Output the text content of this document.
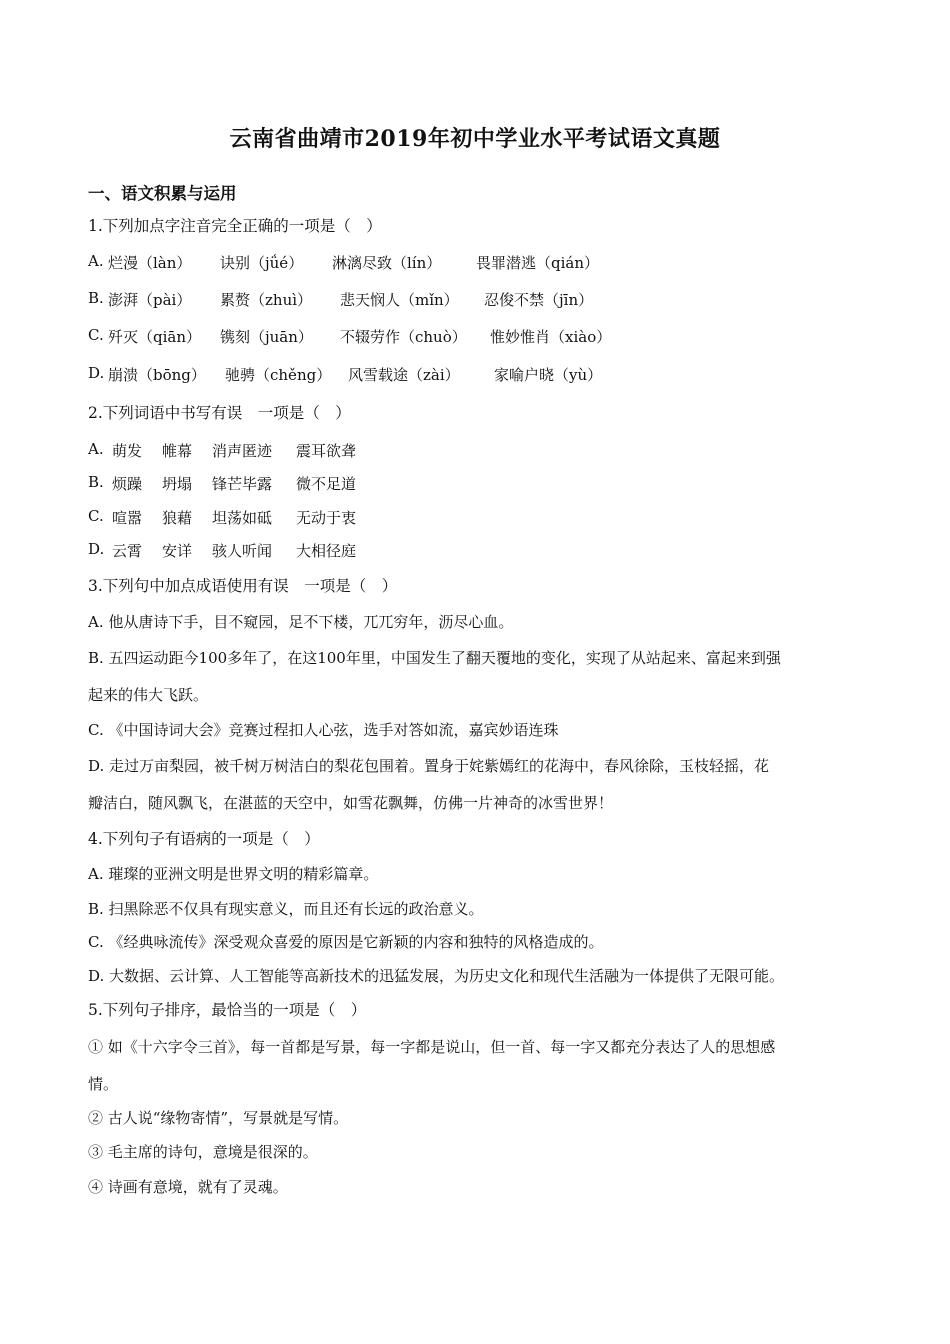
云南省曲靖市2019年初中学业水平考试语文真题
一、语文积累与运用
1.下列加点字注音完全正确的一项是（　）
A. 烂漫（làn） 诀别（jǘé） 淋漓尽致（lín） 畏罪潜逃（qián）
B. 澎湃（pài） 累赘（zhuì） 悲天悯人（mǐn） 忍俊不禁（jīn）
C. 歼灭（qiān） 镌刻（juān） 不辍劳作（chuò） 惟妙惟肖（xiào）
D. 崩溃（bōng） 驰骋（chěng） 风雪载途（zài） 家喻户晓（yù）
2.下列词语中书写有误　一项是（　）
A. 萌发 帷幕 消声匿迹 震耳欲聋
B. 烦躁 坍塌 锋芒毕露 微不足道
C. 喧嚣 狼藉 坦荡如砥 无动于衷
D. 云霄 安详 骇人听闻 大相径庭
3.下列句中加点成语使用有误　一项是（　）
A. 他从唐诗下手，目不窥园，足不下楼，兀兀穷年，沥尽心血。
B. 五四运动距今100多年了，在这100年里，中国发生了翻天覆地的变化，实现了从站起来、富起来到强
起来的伟大飞跃。
C. 《中国诗词大会》竞赛过程扣人心弦，选手对答如流，嘉宾妙语连珠
D. 走过万亩梨园，被千树万树洁白的梨花包围着。置身于姹紫嫣红的花海中，春风徐除，玉枝轻摇，花
瓣洁白，随风飘飞，在湛蓝的天空中，如雪花飘舞，仿佛一片神奇的冰雪世界！
4.下列句子有语病的一项是（　）
A. 璀璨的亚洲文明是世界文明的精彩篇章。
B. 扫黑除恶不仅具有现实意义，而且还有长远的政治意义。
C. 《经典咏流传》深受观众喜爱的原因是它新颖的内容和独特的风格造成的。
D. 大数据、云计算、人工智能等高新技术的迅猛发展，为历史文化和现代生活融为一体提供了无限可能。
5.下列句子排序，最恰当的一项是（　）
① 如《十六字令三首》，每一首都是写景，每一字都是说山，但一首、每一字又都充分表达了人的思想感
情。
② 古人说“缘物寄情”，写景就是写情。
③ 毛主席的诗句，意境是很深的。
④ 诗画有意境，就有了灵魂。
